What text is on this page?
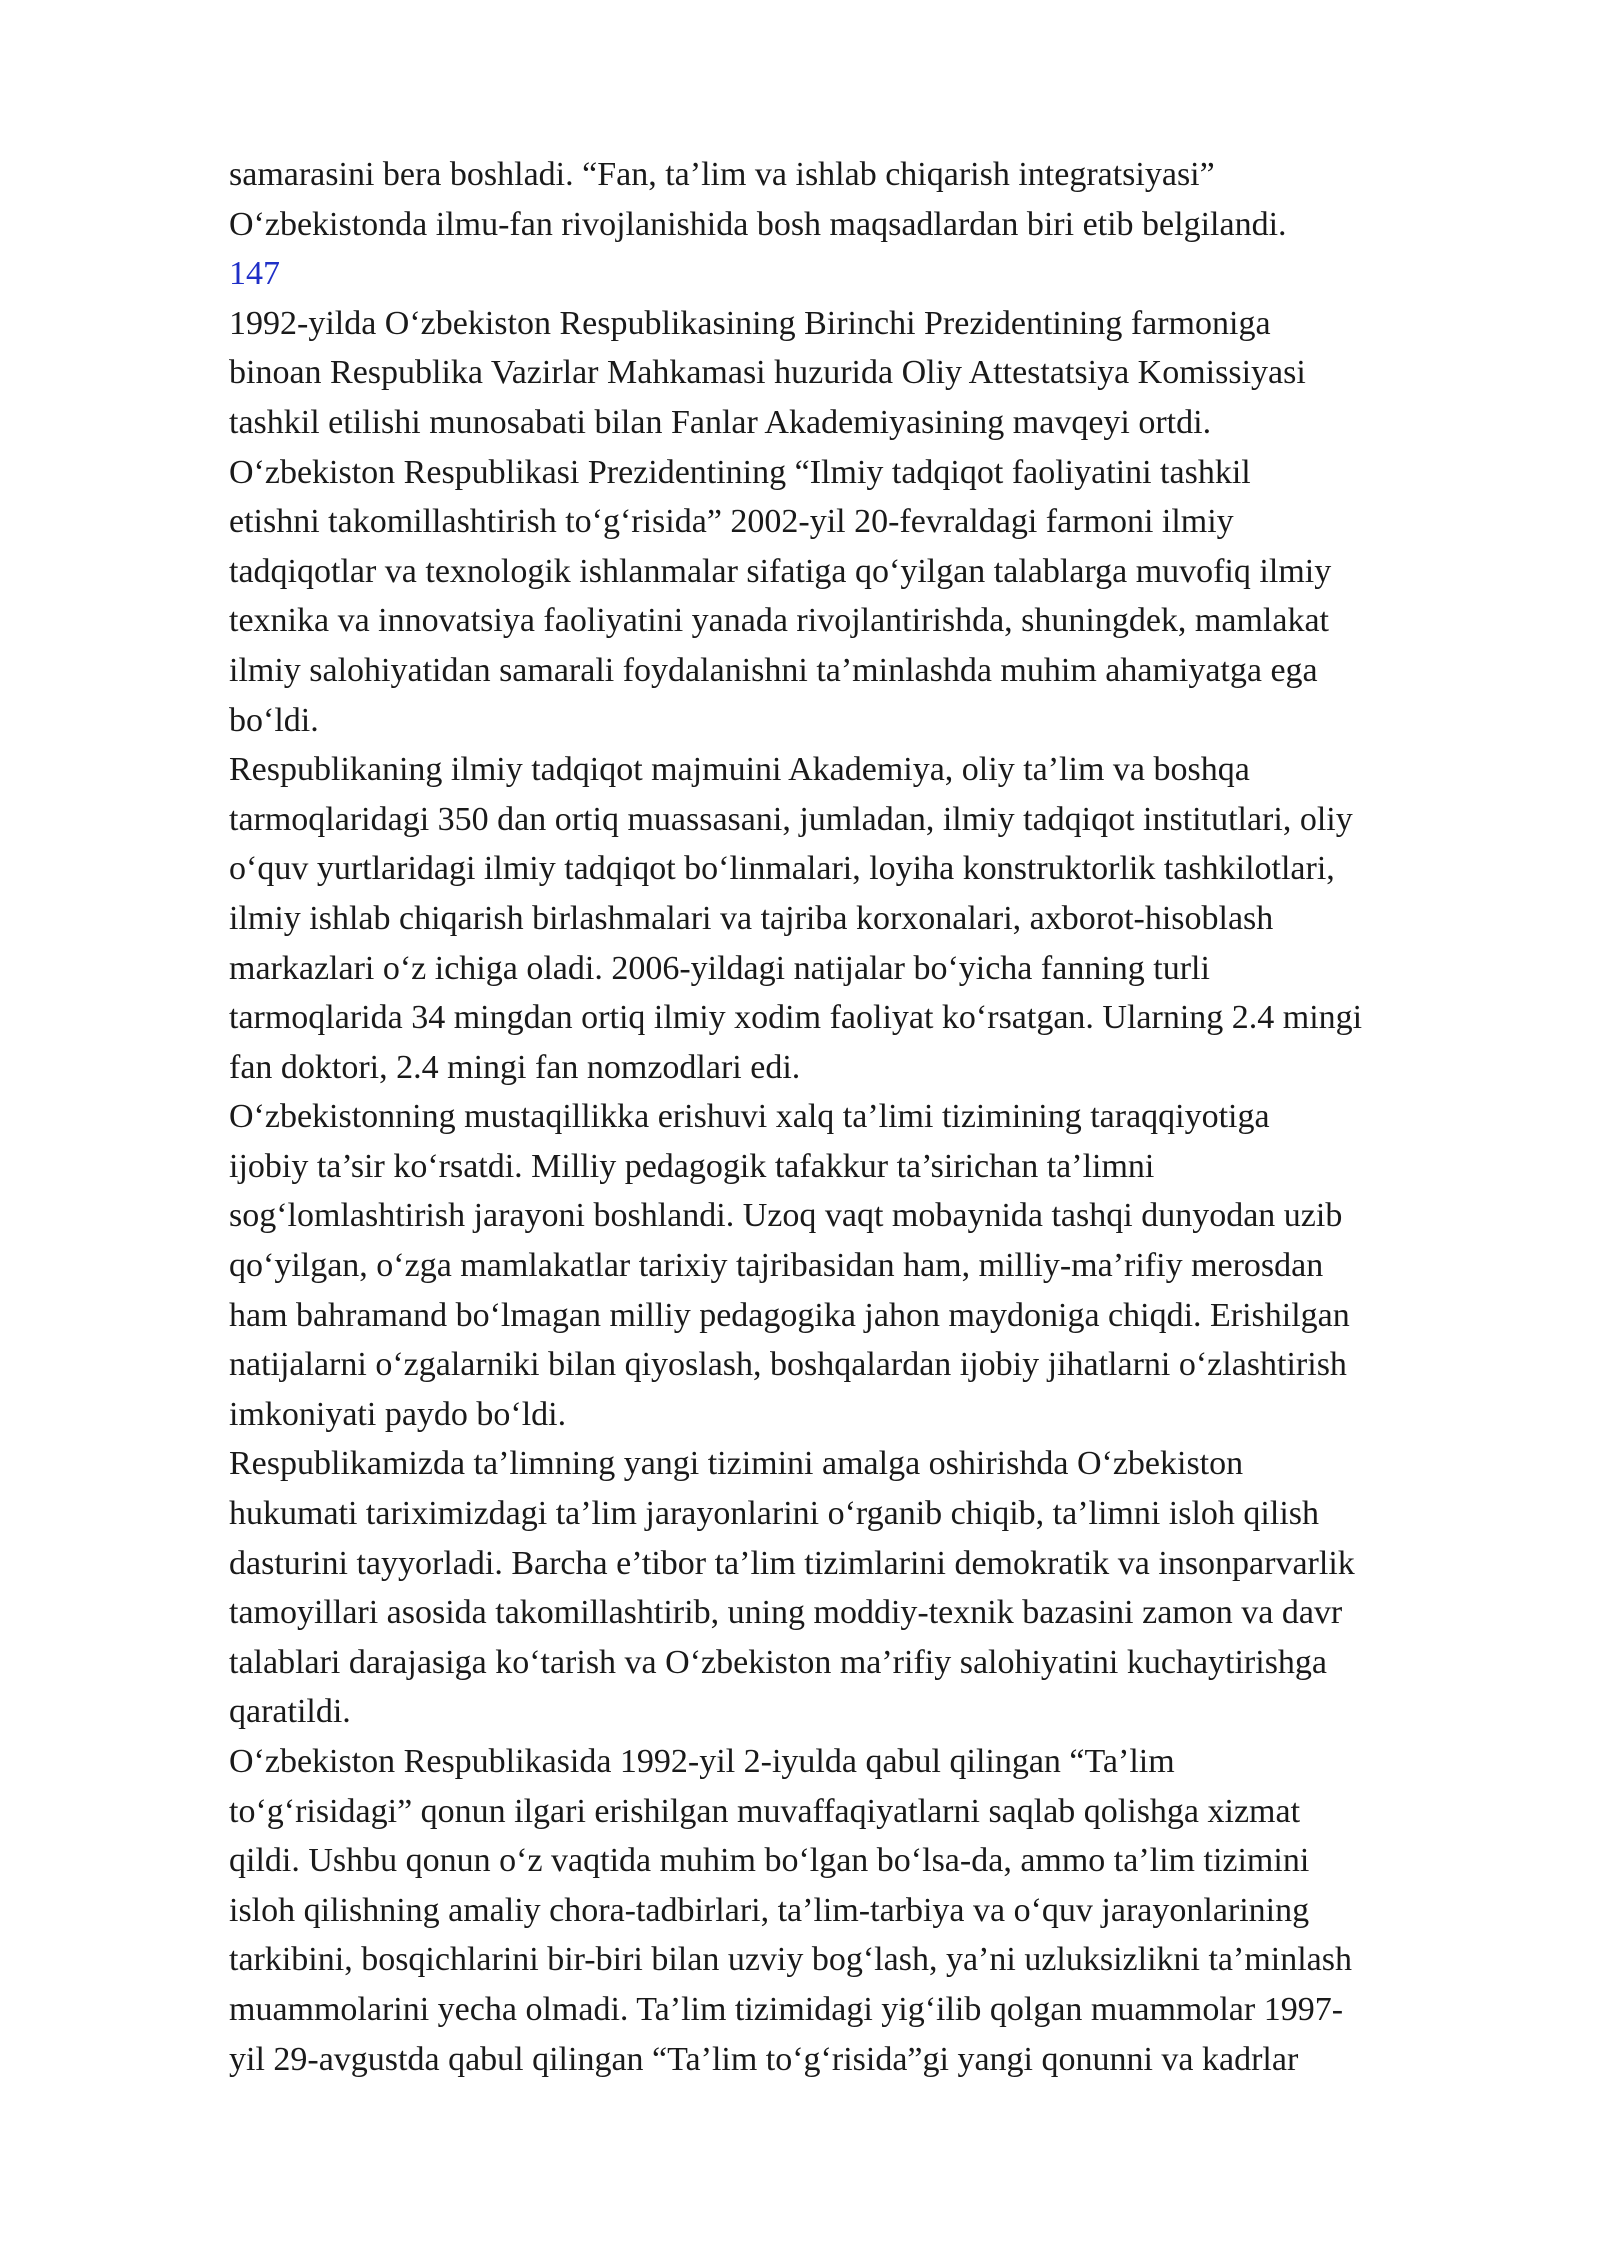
samarasini bera boshladi. “Fan, ta’lim va ishlab chiqarish integratsiyasi”
O‘zbekistonda ilmu-fan rivojlanishida bosh maqsadlardan biri etib belgilandi.
147
1992-yilda O‘zbekiston Respublikasining Birinchi Prezidentining farmoniga
binoan Respublika Vazirlar Mahkamasi huzurida Oliy Attestatsiya Komissiyasi
tashkil etilishi munosabati bilan Fanlar Akademiyasining mavqeyi ortdi.
O‘zbekiston Respublikasi Prezidentining “Ilmiy tadqiqot faoliyatini tashkil
etishni takomillashtirish to‘g‘risida” 2002-yil 20-fevraldagi farmoni ilmiy
tadqiqotlar va texnologik ishlanmalar sifatiga qo‘yilgan talablarga muvofiq ilmiy
texnika va innovatsiya faoliyatini yanada rivojlantirishda, shuningdek, mamlakat
ilmiy salohiyatidan samarali foydalanishni ta’minlashda muhim ahamiyatga ega
bo‘ldi.
Respublikaning ilmiy tadqiqot majmuini Akademiya, oliy ta’lim va boshqa
tarmoqlaridagi 350 dan ortiq muassasani, jumladan, ilmiy tadqiqot institutlari, oliy
o‘quv yurtlaridagi ilmiy tadqiqot bo‘linmalari, loyiha konstruktorlik tashkilotlari,
ilmiy ishlab chiqarish birlashmalari va tajriba korxonalari, axborot-hisoblash
markazlari o‘z ichiga oladi. 2006-yildagi natijalar bo‘yicha fanning turli
tarmoqlarida 34 mingdan ortiq ilmiy xodim faoliyat ko‘rsatgan. Ularning 2.4 mingi
fan doktori, 2.4 mingi fan nomzodlari edi.
O‘zbekistonning mustaqillikka erishuvi xalq ta’limi tizimining taraqqiyotiga
ijobiy ta’sir ko‘rsatdi. Milliy pedagogik tafakkur ta’sirichan ta’limni
sog‘lomlashtirish jarayoni boshlandi. Uzoq vaqt mobaynida tashqi dunyodan uzib
qo‘yilgan, o‘zga mamlakatlar tarixiy tajribasidan ham, milliy-ma’rifiy merosdan
ham bahramand bo‘lmagan milliy pedagogika jahon maydoniga chiqdi. Erishilgan
natijalarni o‘zgalarniki bilan qiyoslash, boshqalardan ijobiy jihatlarni o‘zlashtirish
imkoniyati paydo bo‘ldi.
Respublikamizda ta’limning yangi tizimini amalga oshirishda O‘zbekiston
hukumati tariximizdagi ta’lim jarayonlarini o‘rganib chiqib, ta’limni isloh qilish
dasturini tayyorladi. Barcha e’tibor ta’lim tizimlarini demokratik va insonparvarlik
tamoyillari asosida takomillashtirib, uning moddiy-texnik bazasini zamon va davr
talablari darajasiga ko‘tarish va O‘zbekiston ma’rifiy salohiyatini kuchaytirishga
qaratildi.
O‘zbekiston Respublikasida 1992-yil 2-iyulda qabul qilingan “Ta’lim
to‘g‘risidagi” qonun ilgari erishilgan muvaffaqiyatlarni saqlab qolishga xizmat
qildi. Ushbu qonun o‘z vaqtida muhim bo‘lgan bo‘lsa-da, ammo ta’lim tizimini
isloh qilishning amaliy chora-tadbirlari, ta’lim-tarbiya va o‘quv jarayonlarining
tarkibini, bosqichlarini bir-biri bilan uzviy bog‘lash, ya’ni uzluksizlikni ta’minlash
muammolarini yecha olmadi. Ta’lim tizimidagi yig‘ilib qolgan muammolar 1997-
yil 29-avgustda qabul qilingan “Ta’lim to‘g‘risida”gi yangi qonunni va kadrlar
